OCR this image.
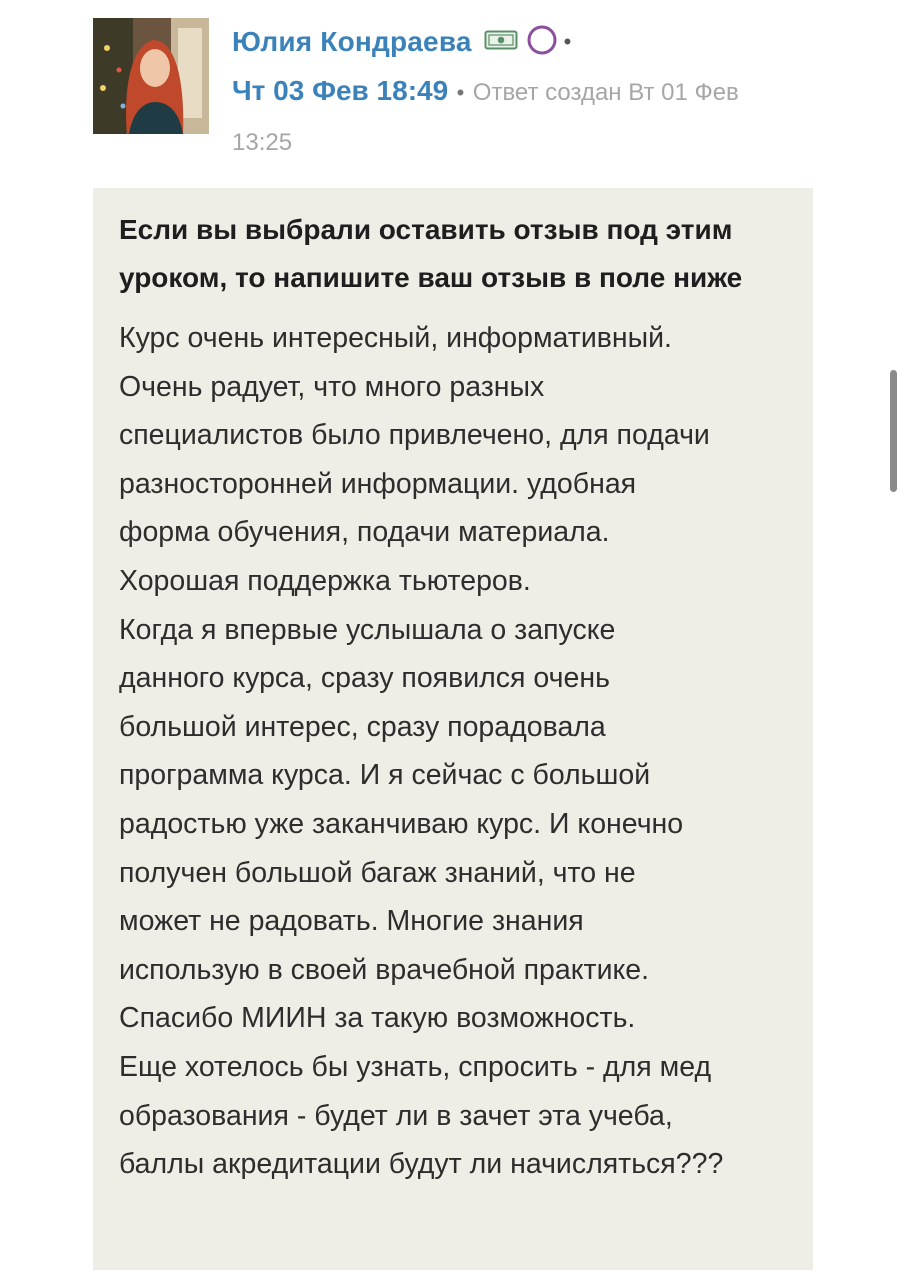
Юлия Кондраева	•
Чт 03 Фев 18:49 • Ответ создан Вт 01 Фев
13:25

Если вы выбрали оставить отзыв под этим уроком, то напишите ваш отзыв в поле ниже

Курс очень интересный, информативный.
Очень радует, что много разных
специалистов было привлечено, для подачи
разносторонней информации. удобная
форма обучения, подачи материала.
Хорошая поддержка тьютеров.
Когда я впервые услышала о запуске
данного курса, сразу появился очень
большой интерес, сразу порадовала
программа курса. И я сейчас с большой
радостью уже заканчиваю курс. И конечно
получен большой багаж знаний, что не
может не радовать. Многие знания
использую в своей врачебной практике.
Спасибо МИИН за такую возможность.
Еще хотелось бы узнать, спросить - для мед
образования - будет ли в зачет эта учеба,
баллы акредитации будут ли начисляться???
